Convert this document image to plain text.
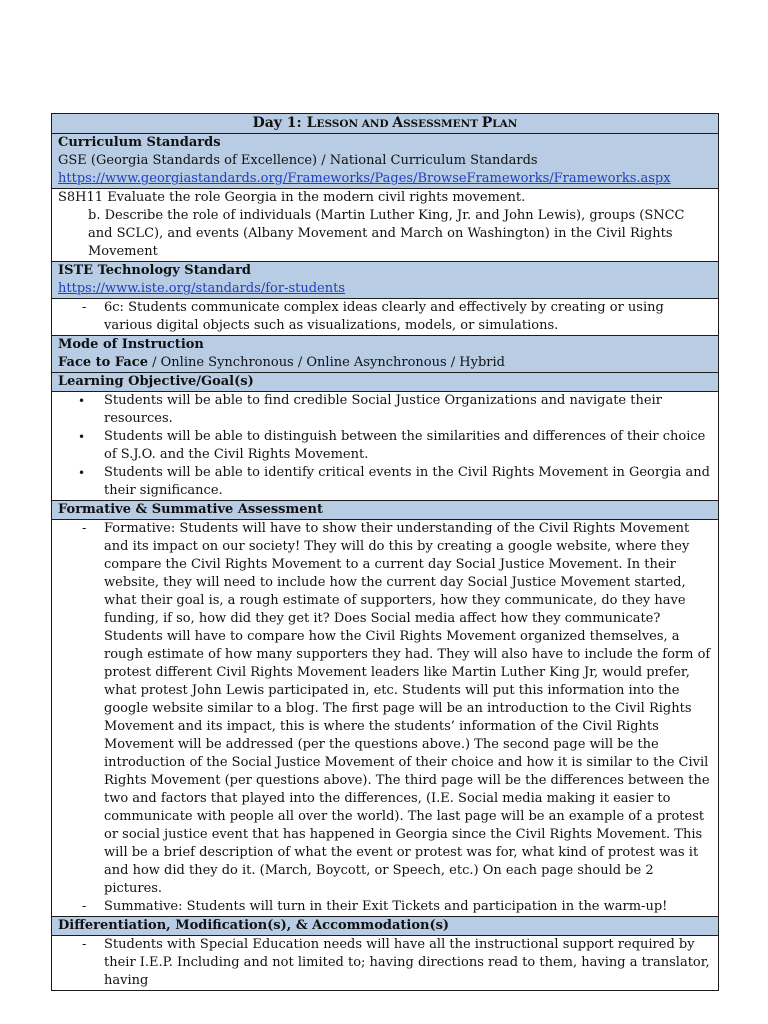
Day 1: LESSON AND ASSESSMENT PLAN
Curriculum Standards
GSE (Georgia Standards of Excellence) / National Curriculum Standards
https://www.georgiastandards.org/Frameworks/Pages/BrowseFrameworks/Frameworks.aspx
S8H11 Evaluate the role Georgia in the modern civil rights movement.
b. Describe the role of individuals (Martin Luther King, Jr. and John Lewis), groups (SNCC and SCLC), and events (Albany Movement and March on Washington) in the Civil Rights Movement
ISTE Technology Standard
https://www.iste.org/standards/for-students
- 6c: Students communicate complex ideas clearly and effectively by creating or using various digital objects such as visualizations, models, or simulations.
Mode of Instruction
Face to Face / Online Synchronous / Online Asynchronous / Hybrid
Learning Objective/Goal(s)
• Students will be able to find credible Social Justice Organizations and navigate their resources.
• Students will be able to distinguish between the similarities and differences of their choice of S.J.O. and the Civil Rights Movement.
• Students will be able to identify critical events in the Civil Rights Movement in Georgia and their significance.
Formative & Summative Assessment
- Formative: Students will have to show their understanding of the Civil Rights Movement and its impact on our society! They will do this by creating a google website, where they compare the Civil Rights Movement to a current day Social Justice Movement. In their website, they will need to include how the current day Social Justice Movement started, what their goal is, a rough estimate of supporters, how they communicate, do they have funding, if so, how did they get it? Does Social media affect how they communicate? Students will have to compare how the Civil Rights Movement organized themselves, a rough estimate of how many supporters they had. They will also have to include the form of protest different Civil Rights Movement leaders like Martin Luther King Jr, would prefer, what protest John Lewis participated in, etc. Students will put this information into the google website similar to a blog. The first page will be an introduction to the Civil Rights Movement and its impact, this is where the students’ information of the Civil Rights Movement will be addressed (per the questions above.) The second page will be the introduction of the Social Justice Movement of their choice and how it is similar to the Civil Rights Movement (per questions above). The third page will be the differences between the two and factors that played into the differences, (I.E. Social media making it easier to communicate with people all over the world). The last page will be an example of a protest or social justice event that has happened in Georgia since the Civil Rights Movement. This will be a brief description of what the event or protest was for, what kind of protest was it and how did they do it. (March, Boycott, or Speech, etc.) On each page should be 2 pictures.
- Summative: Students will turn in their Exit Tickets and participation in the warm-up!
Differentiation, Modification(s), & Accommodation(s)
- Students with Special Education needs will have all the instructional support required by their I.E.P. Including and not limited to; having directions read to them, having a translator, having
